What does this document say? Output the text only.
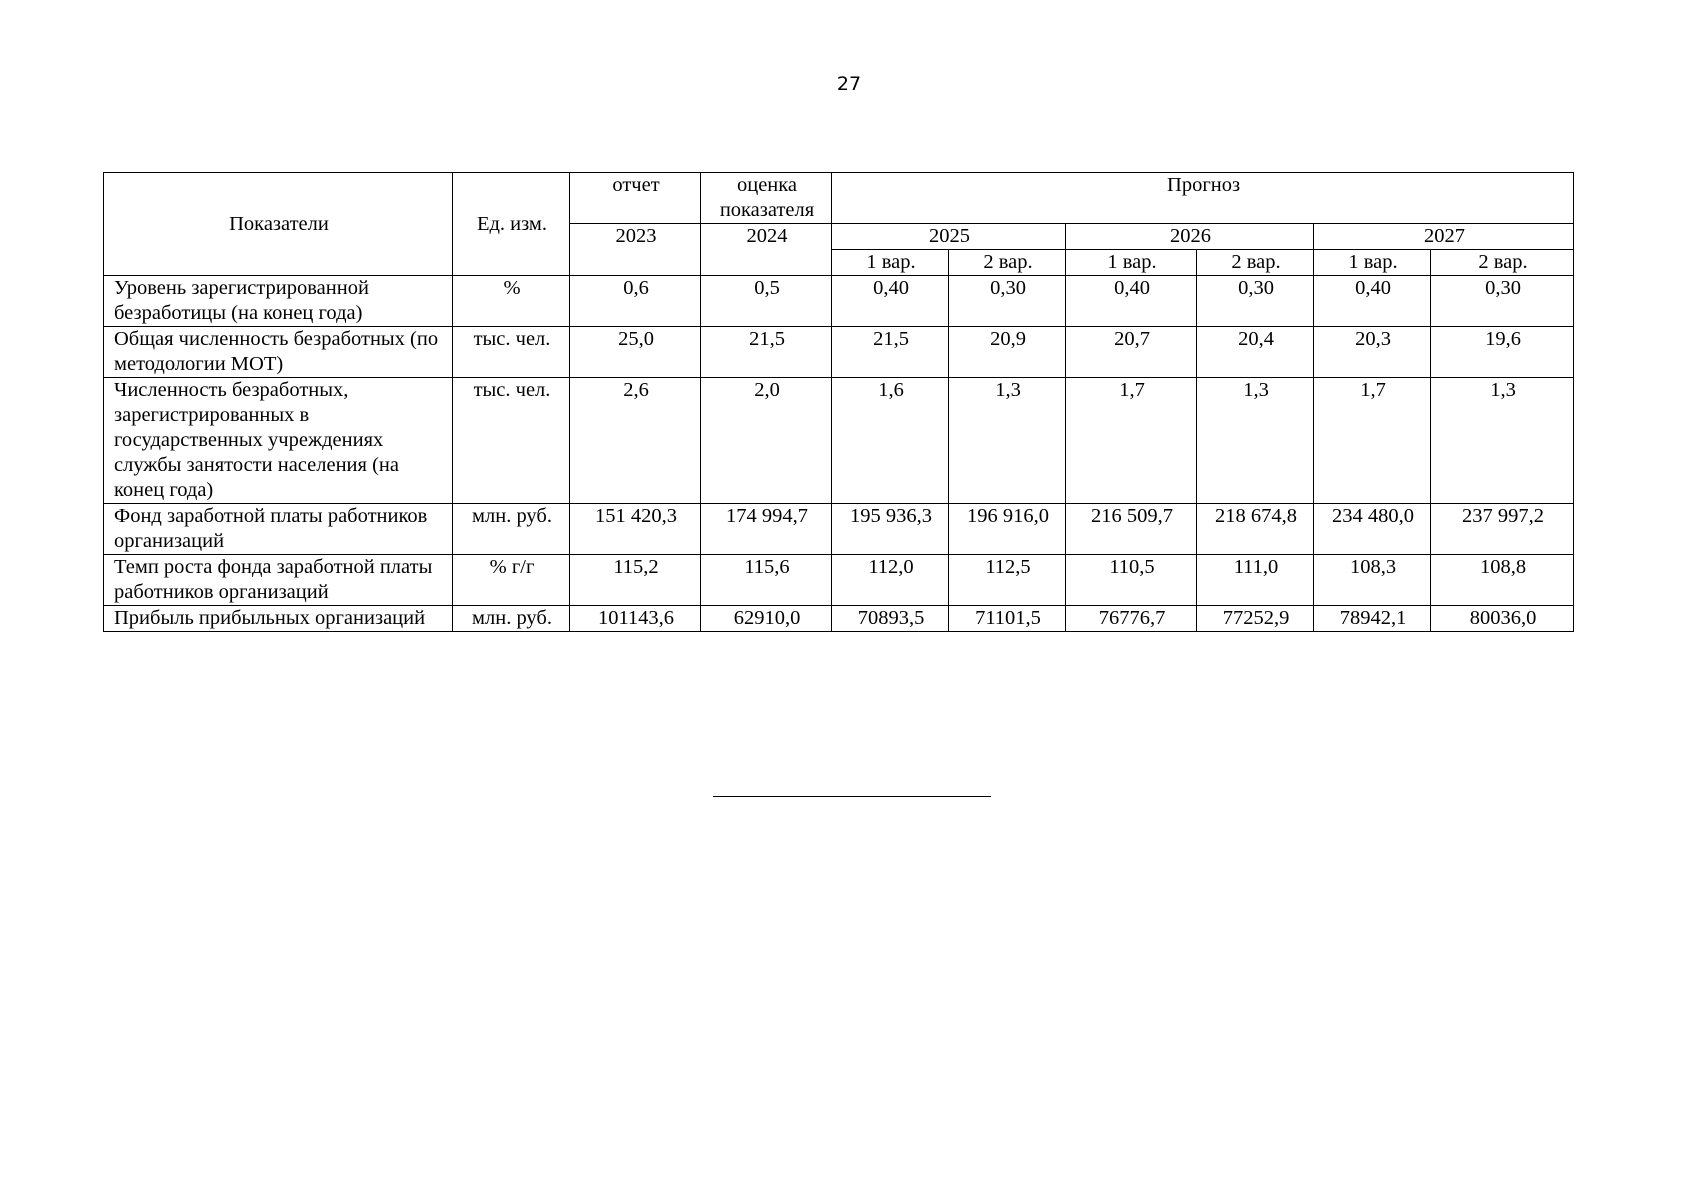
27
Показатели	Ед. изм.	отчет	оценка показателя	Прогноз					
		2023	2024	2025		2026		2027	
				1 вар.	2 вар.	1 вар.	2 вар.	1 вар.	2 вар.
Уровень зарегистрированной безработицы (на конец года)	%	0,6	0,5	0,40	0,30	0,40	0,30	0,40	0,30
Общая численность безработных (по методологии МОТ)	тыс. чел.	25,0	21,5	21,5	20,9	20,7	20,4	20,3	19,6
Численность безработных, зарегистрированных в государственных учреждениях службы занятости населения (на конец года)	тыс. чел.	2,6	2,0	1,6	1,3	1,7	1,3	1,7	1,3
Фонд заработной платы работников организаций	млн. руб.	151 420,3	174 994,7	195 936,3	196 916,0	216 509,7	218 674,8	234 480,0	237 997,2
Темп роста фонда заработной платы работников организаций	% г/г	115,2	115,6	112,0	112,5	110,5	111,0	108,3	108,8
Прибыль прибыльных организаций	млн. руб.	101143,6	62910,0	70893,5	71101,5	76776,7	77252,9	78942,1	80036,0
